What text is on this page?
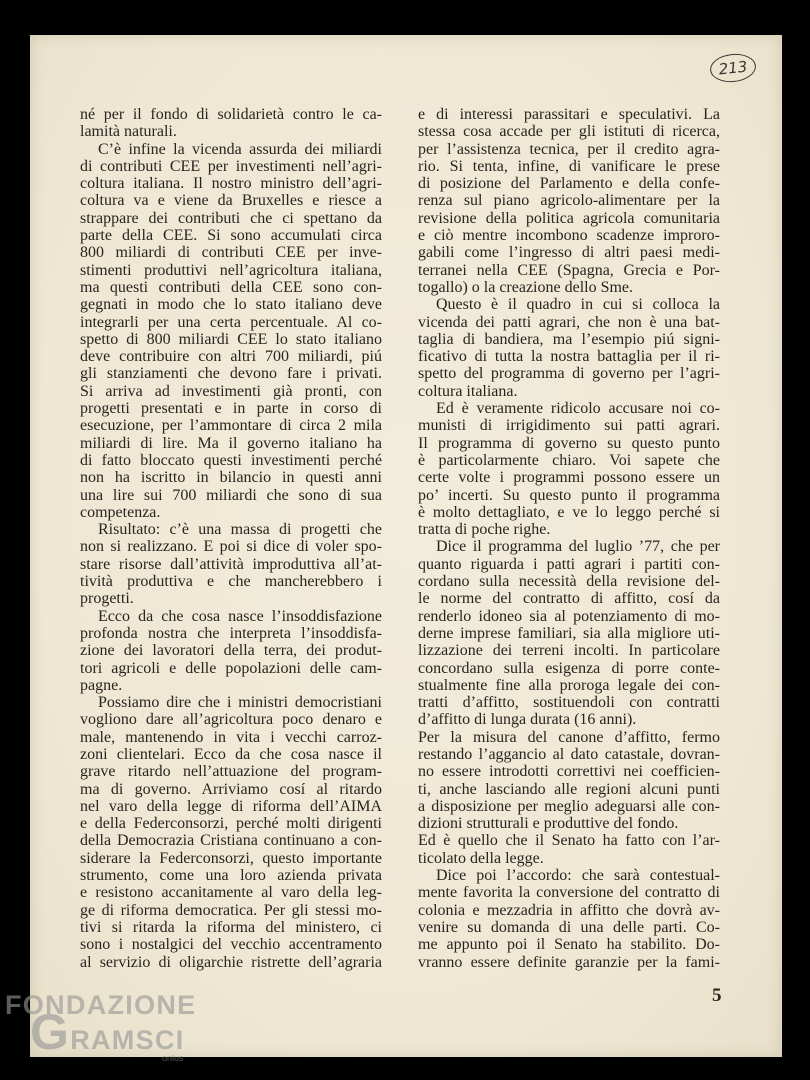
213
né per il fondo di solidarietà contro le ca-
lamità naturali.
C’è infine la vicenda assurda dei miliardi
di contributi CEE per investimenti nell’agri-
coltura italiana. Il nostro ministro dell’agri-
coltura va e viene da Bruxelles e riesce a
strappare dei contributi che ci spettano da
parte della CEE. Si sono accumulati circa
800 miliardi di contributi CEE per inve-
stimenti produttivi nell’agricoltura italiana,
ma questi contributi della CEE sono con-
gegnati in modo che lo stato italiano deve
integrarli per una certa percentuale. Al co-
spetto di 800 miliardi CEE lo stato italiano
deve contribuire con altri 700 miliardi, piú
gli stanziamenti che devono fare i privati.
Si arriva ad investimenti già pronti, con
progetti presentati e in parte in corso di
esecuzione, per l’ammontare di circa 2 mila
miliardi di lire. Ma il governo italiano ha
di fatto bloccato questi investimenti perché
non ha iscritto in bilancio in questi anni
una lire sui 700 miliardi che sono di sua
competenza.
Risultato: c’è una massa di progetti che
non si realizzano. E poi si dice di voler spo-
stare risorse dall’attività improduttiva all’at-
tività produttiva e che mancherebbero i
progetti.
Ecco da che cosa nasce l’insoddisfazione
profonda nostra che interpreta l’insoddisfa-
zione dei lavoratori della terra, dei produt-
tori agricoli e delle popolazioni delle cam-
pagne.
Possiamo dire che i ministri democristiani
vogliono dare all’agricoltura poco denaro e
male, mantenendo in vita i vecchi carroz-
zoni clientelari. Ecco da che cosa nasce il
grave ritardo nell’attuazione del program-
ma di governo. Arriviamo cosí al ritardo
nel varo della legge di riforma dell’AIMA
e della Federconsorzi, perché molti dirigenti
della Democrazia Cristiana continuano a con-
siderare la Federconsorzi, questo importante
strumento, come una loro azienda privata
e resistono accanitamente al varo della leg-
ge di riforma democratica. Per gli stessi mo-
tivi si ritarda la riforma del ministero, ci
sono i nostalgici del vecchio accentramento
al servizio di oligarchie ristrette dell’agraria
e di interessi parassitari e speculativi. La
stessa cosa accade per gli istituti di ricerca,
per l’assistenza tecnica, per il credito agra-
rio. Si tenta, infine, di vanificare le prese
di posizione del Parlamento e della confe-
renza sul piano agricolo-alimentare per la
revisione della politica agricola comunitaria
e ciò mentre incombono scadenze improro-
gabili come l’ingresso di altri paesi medi-
terranei nella CEE (Spagna, Grecia e Por-
togallo) o la creazione dello Sme.
Questo è il quadro in cui si colloca la
vicenda dei patti agrari, che non è una bat-
taglia di bandiera, ma l’esempio piú signi-
ficativo di tutta la nostra battaglia per il ri-
spetto del programma di governo per l’agri-
coltura italiana.
Ed è veramente ridicolo accusare noi co-
munisti di irrigidimento sui patti agrari.
Il programma di governo su questo punto
è particolarmente chiaro. Voi sapete che
certe volte i programmi possono essere un
po’ incerti. Su questo punto il programma
è molto dettagliato, e ve lo leggo perché si
tratta di poche righe.
Dice il programma del luglio ’77, che per
quanto riguarda i patti agrari i partiti con-
cordano sulla necessità della revisione del-
le norme del contratto di affitto, cosí da
renderlo idoneo sia al potenziamento di mo-
derne imprese familiari, sia alla migliore uti-
lizzazione dei terreni incolti. In particolare
concordano sulla esigenza di porre conte-
stualmente fine alla proroga legale dei con-
tratti d’affitto, sostituendoli con contratti
d’affitto di lunga durata (16 anni).
Per la misura del canone d’affitto, fermo
restando l’aggancio al dato catastale, dovran-
no essere introdotti correttivi nei coefficien-
ti, anche lasciando alle regioni alcuni punti
a disposizione per meglio adeguarsi alle con-
dizioni strutturali e produttive del fondo.
Ed è quello che il Senato ha fatto con l’ar-
ticolato della legge.
Dice poi l’accordo: che sarà contestual-
mente favorita la conversione del contratto di
colonia e mezzadria in affitto che dovrà av-
venire su domanda di una delle parti. Co-
me appunto poi il Senato ha stabilito. Do-
vranno essere definite garanzie per la fami-
5
FONDAZIONE
GRAMSCI
onlus
